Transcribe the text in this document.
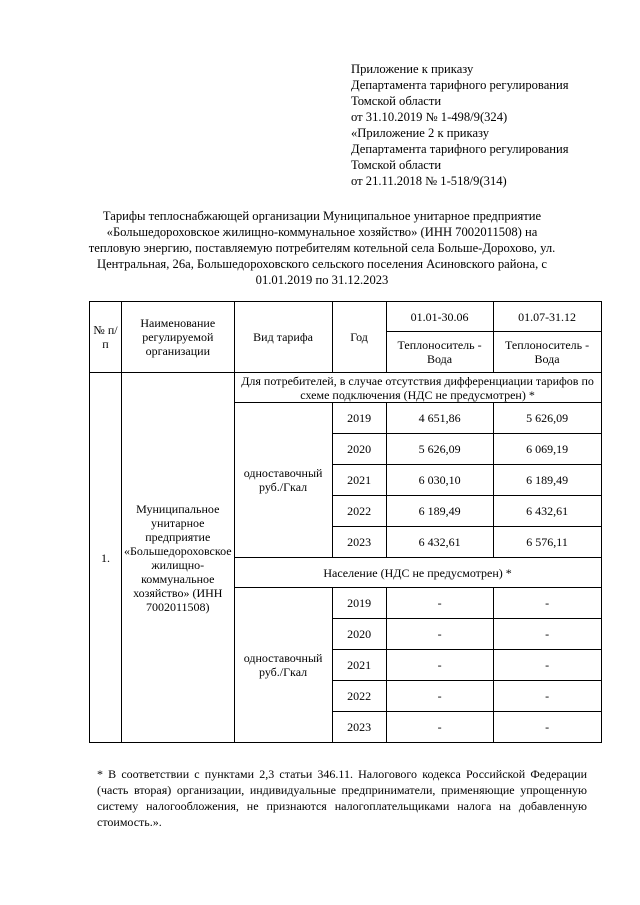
Приложение к приказу
Департамента тарифного регулирования
Томской области
от 31.10.2019 № 1-498/9(324)
«Приложение 2 к приказу
Департамента тарифного регулирования
Томской области
от 21.11.2018 № 1-518/9(314)
Тарифы теплоснабжающей организации Муниципальное унитарное предприятие «Большедороховское жилищно-коммунальное хозяйство» (ИНН 7002011508) на тепловую энергию, поставляемую потребителям котельной села Больше-Дорохово, ул. Центральная, 26а, Большедороховского сельского поселения Асиновского района, с 01.01.2019 по 31.12.2023
№ п/п	Наименование регулируемой организации	Вид тарифа	Год	01.01-30.06	01.07-31.12
				Теплоноситель - Вода	Теплоноситель - Вода
1.	Муниципальное унитарное предприятие «Большедороховское жилищно-коммунальное хозяйство» (ИНН 7002011508)	Для потребителей, в случае отсутствия дифференциации тарифов по схеме подключения (НДС не предусмотрен) *			
		одноставочный руб./Гкал	2019	4 651,86	5 626,09
			2020	5 626,09	6 069,19
			2021	6 030,10	6 189,49
			2022	6 189,49	6 432,61
			2023	6 432,61	6 576,11
		Население (НДС не предусмотрен) *			
		одноставочный руб./Гкал	2019	-	-
			2020	-	-
			2021	-	-
			2022	-	-
			2023	-	-
* В соответствии с пунктами 2,3 статьи 346.11. Налогового кодекса Российской Федерации (часть вторая) организации, индивидуальные предприниматели, применяющие упрощенную систему налогообложения, не признаются налогоплательщиками налога на добавленную стоимость.».
